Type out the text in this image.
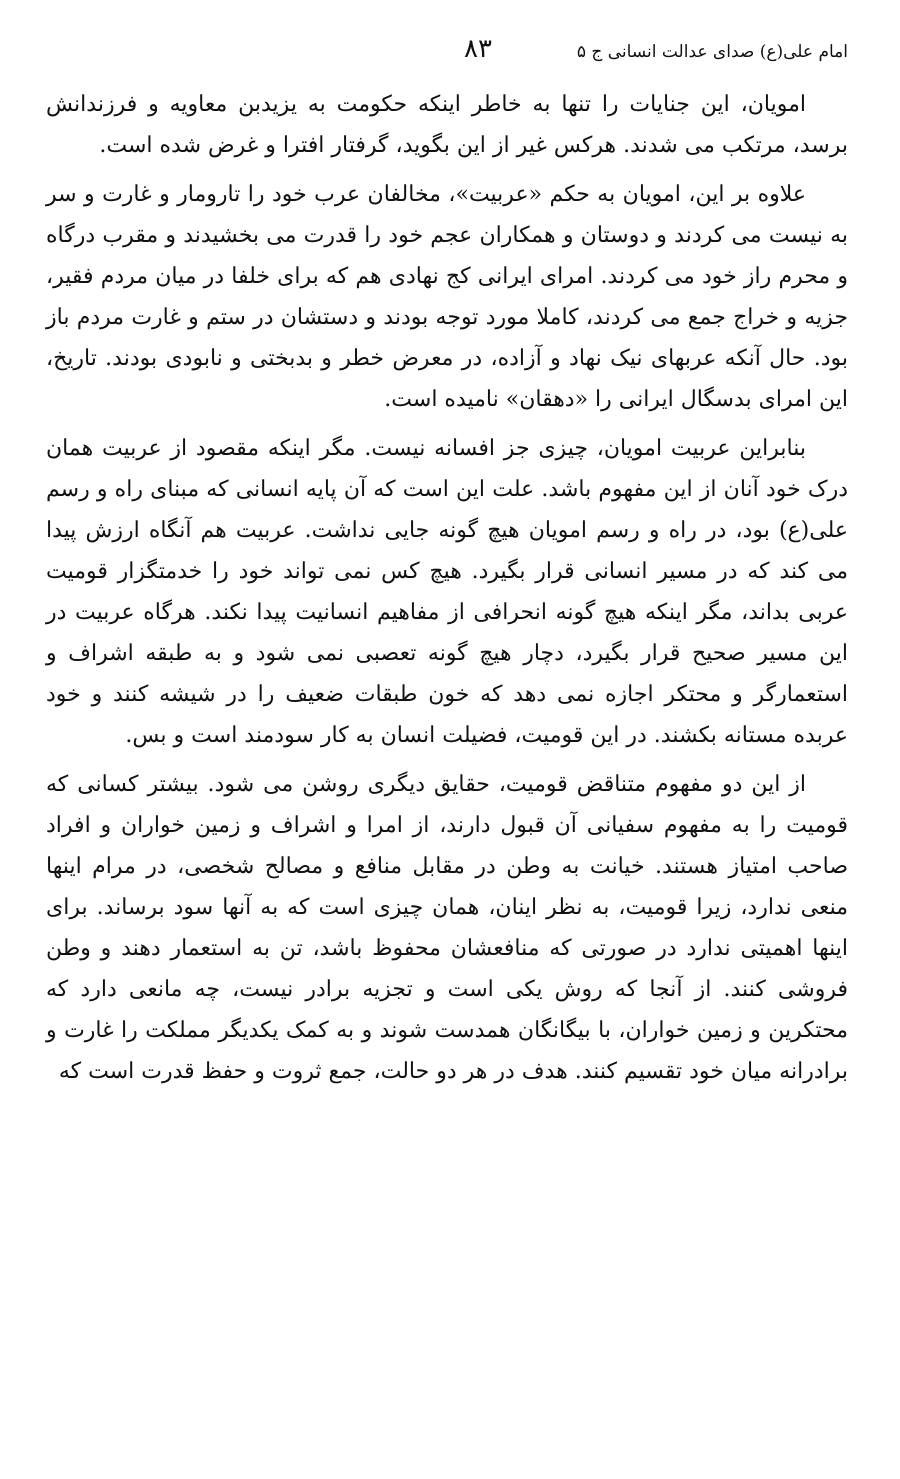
امام علی(ع) صدای عدالت انسانی ج ۵
۸۳

امویان، این جنایات را تنها به خاطر اینکه حکومت به یزیدبن معاویه و فرزندانش برسد، مرتکب می شدند. هرکس غیر از این بگوید، گرفتار افترا و غرض شده است.

علاوه بر این، امویان به حکم «عربیت»، مخالفان عرب خود را تارومار و غارت و سر به نیست می کردند و دوستان و همکاران عجم خود را قدرت می بخشیدند و مقرب درگاه و محرم راز خود می کردند. امرای ایرانی کج نهادی هم که برای خلفا در میان مردم فقیر، جزیه و خراج جمع می کردند، کاملا مورد توجه بودند و دستشان در ستم و غارت مردم باز بود. حال آنکه عربهای نیک نهاد و آزاده، در معرض خطر و بدبختی و نابودی بودند. تاریخ، این امرای بدسگال ایرانی را «دهقان» نامیده است.

بنابراین عربیت امویان، چیزی جز افسانه نیست. مگر اینکه مقصود از عربیت همان درک خود آنان از این مفهوم باشد. علت این است که آن پایه انسانی که مبنای راه و رسم علی(ع) بود، در راه و رسم امویان هیچ گونه جایی نداشت. عربیت هم آنگاه ارزش پیدا می کند که در مسیر انسانی قرار بگیرد. هیچ کس نمی تواند خود را خدمتگزار قومیت عربی بداند، مگر اینکه هیچ گونه انحرافی از مفاهیم انسانیت پیدا نکند. هرگاه عربیت در این مسیر صحیح قرار بگیرد، دچار هیچ گونه تعصبی نمی شود و به طبقه اشراف و استعمارگر و محتکر اجازه نمی دهد که خون طبقات ضعیف را در شیشه کنند و خود عربده مستانه بکشند. در این قومیت، فضیلت انسان به کار سودمند است و بس.

از این دو مفهوم متناقض قومیت، حقایق دیگری روشن می شود. بیشتر کسانی که قومیت را به مفهوم سفیانی آن قبول دارند، از امرا و اشراف و زمین خواران و افراد صاحب امتیاز هستند. خیانت به وطن در مقابل منافع و مصالح شخصی، در مرام اینها منعی ندارد، زیرا قومیت، به نظر اینان، همان چیزی است که به آنها سود برساند. برای اینها اهمیتی ندارد در صورتی که منافعشان محفوظ باشد، تن به استعمار دهند و وطن فروشی کنند. از آنجا که روش یکی است و تجزیه برادر نیست، چه مانعی دارد که محتکرین و زمین خواران، با بیگانگان همدست شوند و به کمک یکدیگر مملکت را غارت و برادرانه میان خود تقسیم کنند. هدف در هر دو حالت، جمع ثروت و حفظ قدرت است که
